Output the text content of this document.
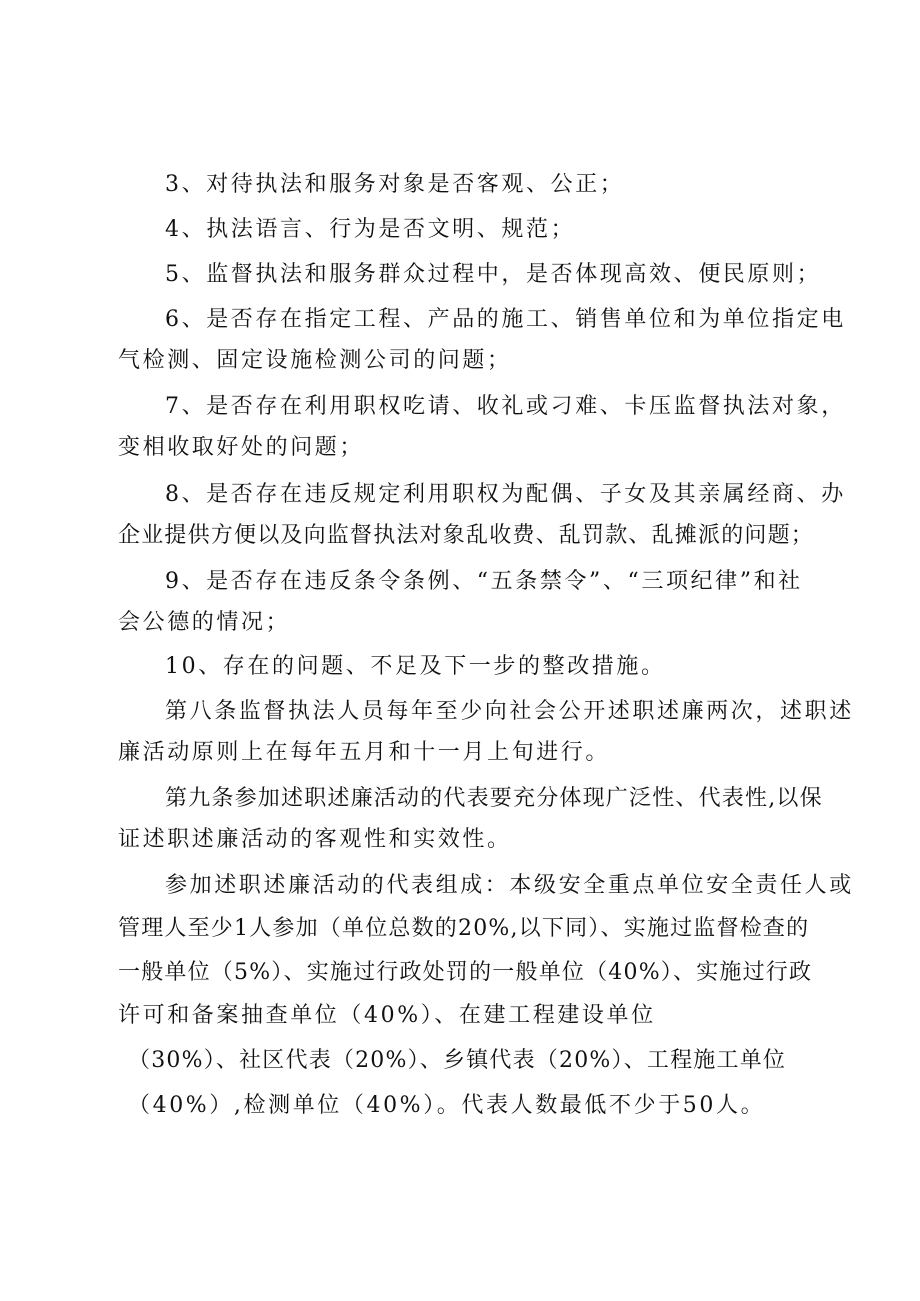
3、对待执法和服务对象是否客观、公正；
4、执法语言、行为是否文明、规范；
5、监督执法和服务群众过程中，是否体现高效、便民原则；
6、是否存在指定工程、产品的施工、销售单位和为单位指定电
气检测、固定设施检测公司的问题；
7、是否存在利用职权吃请、收礼或刁难、卡压监督执法对象，
变相收取好处的问题；
8、是否存在违反规定利用职权为配偶、子女及其亲属经商、办
企业提供方便以及向监督执法对象乱收费、乱罚款、乱摊派的问题；
9、是否存在违反条令条例、“五条禁令”、“三项纪律”和社
会公德的情况；
10、存在的问题、不足及下一步的整改措施。
第八条监督执法人员每年至少向社会公开述职述廉两次，述职述
廉活动原则上在每年五月和十一月上旬进行。
第九条参加述职述廉活动的代表要充分体现广泛性、代表性,以保
证述职述廉活动的客观性和实效性。
参加述职述廉活动的代表组成：本级安全重点单位安全责任人或
管理人至少1人参加（单位总数的20%,以下同）、实施过监督检查的
一般单位（5%）、实施过行政处罚的一般单位（40%）、实施过行政
许可和备案抽查单位（40%）、在建工程建设单位
（30%）、社区代表（20%）、乡镇代表（20%）、工程施工单位
（40%）,检测单位（40%）。代表人数最低不少于50人。
